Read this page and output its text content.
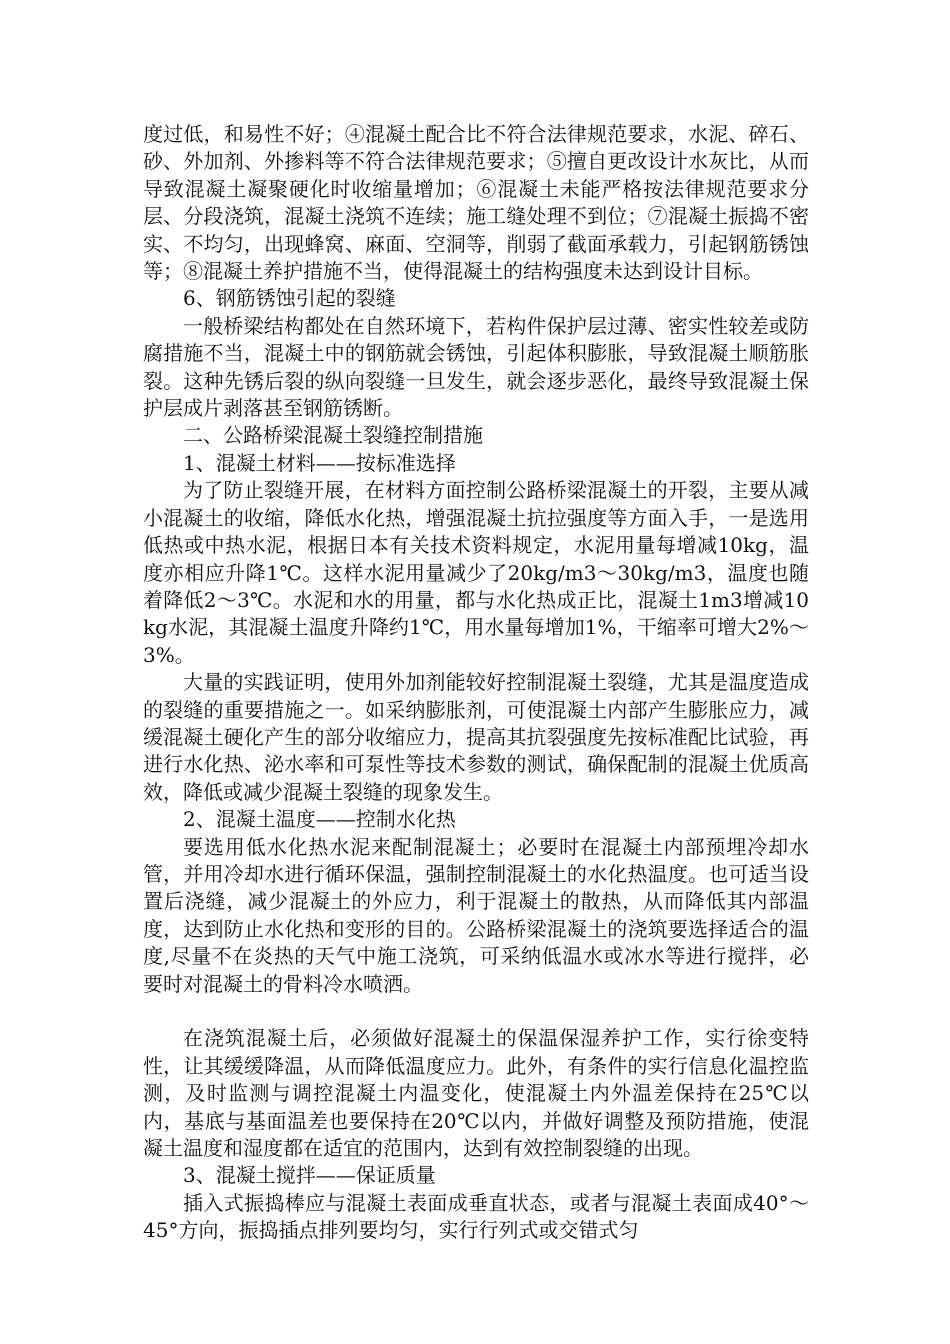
度过低，和易性不好；④混凝土配合比不符合法律规范要求，水泥、碎石、砂、外加剂、外掺料等不符合法律规范要求；⑤擅自更改设计水灰比，从而导致混凝土凝聚硬化时收缩量增加；⑥混凝土未能严格按法律规范要求分层、分段浇筑，混凝土浇筑不连续；施工缝处理不到位；⑦混凝土振捣不密实、不均匀，出现蜂窝、麻面、空洞等，削弱了截面承载力，引起钢筋锈蚀等；⑧混凝土养护措施不当，使得混凝土的结构强度未达到设计目标。

6、钢筋锈蚀引起的裂缝

一般桥梁结构都处在自然环境下，若构件保护层过薄、密实性较差或防腐措施不当，混凝土中的钢筋就会锈蚀，引起体积膨胀，导致混凝土顺筋胀裂。这种先锈后裂的纵向裂缝一旦发生，就会逐步恶化，最终导致混凝土保护层成片剥落甚至钢筋锈断。

二、公路桥梁混凝土裂缝控制措施

1、混凝土材料——按标准选择

为了防止裂缝开展，在材料方面控制公路桥梁混凝土的开裂，主要从减小混凝土的收缩，降低水化热，增强混凝土抗拉强度等方面入手，一是选用低热或中热水泥，根据日本有关技术资料规定，水泥用量每增减10kg，温度亦相应升降1℃。这样水泥用量减少了20kg/m3～30kg/m3，温度也随着降低2～3℃。水泥和水的用量，都与水化热成正比，混凝土1m3增减10kg水泥，其混凝土温度升降约1℃，用水量每增加1%，干缩率可增大2%～3%。

大量的实践证明，使用外加剂能较好控制混凝土裂缝，尤其是温度造成的裂缝的重要措施之一。如采纳膨胀剂，可使混凝土内部产生膨胀应力，减缓混凝土硬化产生的部分收缩应力，提高其抗裂强度先按标准配比试验，再进行水化热、泌水率和可泵性等技术参数的测试，确保配制的混凝土优质高效，降低或减少混凝土裂缝的现象发生。

2、混凝土温度——控制水化热

要选用低水化热水泥来配制混凝土；必要时在混凝土内部预埋冷却水管，并用冷却水进行循环保温，强制控制混凝土的水化热温度。也可适当设置后浇缝，减少混凝土的外应力，利于混凝土的散热，从而降低其内部温度，达到防止水化热和变形的目的。公路桥梁混凝土的浇筑要选择适合的温度,尽量不在炎热的天气中施工浇筑，可采纳低温水或冰水等进行搅拌，必要时对混凝土的骨料冷水喷洒。

在浇筑混凝土后，必须做好混凝土的保温保湿养护工作，实行徐变特性，让其缓缓降温，从而降低温度应力。此外，有条件的实行信息化温控监测，及时监测与调控混凝土内温变化，使混凝土内外温差保持在25℃以内，基底与基面温差也要保持在20℃以内，并做好调整及预防措施，使混凝土温度和湿度都在适宜的范围内，达到有效控制裂缝的出现。

3、混凝土搅拌——保证质量

插入式振捣棒应与混凝土表面成垂直状态，或者与混凝土表面成40°～45°方向，振捣插点排列要均匀，实行行列式或交错式匀
